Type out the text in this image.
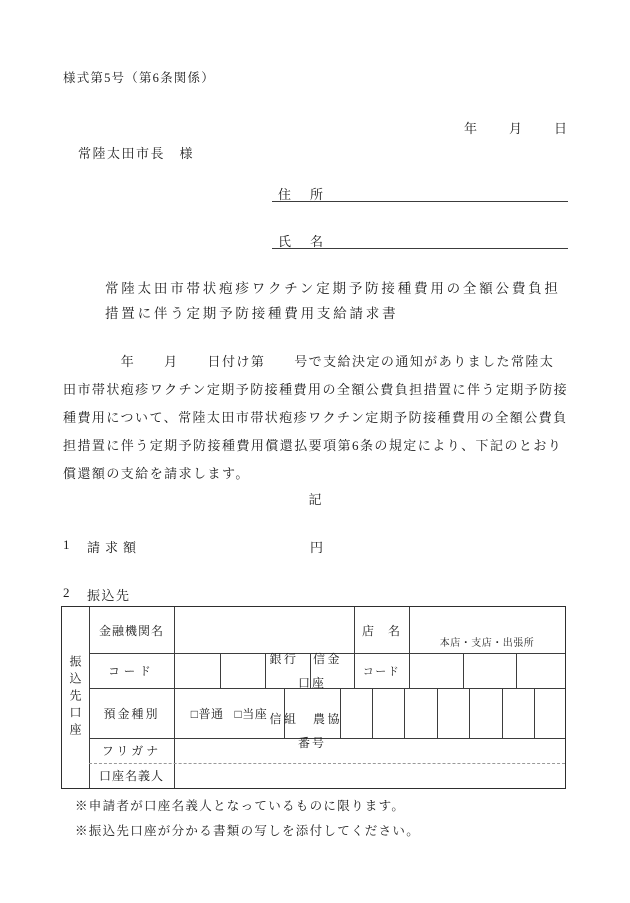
様式第5号（第6条関係）
年　　月　　日
常陸太田市長　様
住　所
氏　名
常陸太田市帯状疱疹ワクチン定期予防接種費用の全額公費負担
措置に伴う定期予防接種費用支給請求書
　　　　年　　月　　日付け第　　号で支給決定の通知がありました常陸太
田市帯状疱疹ワクチン定期予防接種費用の全額公費負担措置に伴う定期予防接
種費用について、常陸太田市帯状疱疹ワクチン定期予防接種費用の全額公費負
担措置に伴う定期予防接種費用償還払要項第6条の規定により、下記のとおり
償還額の支給を請求します。
記
1 請求額	円
2 振込先
振込先口座
金融機関名
コード
預金種別
フリガナ
口座名義人

銀行　信金

信組　農協

店　名
本店・支店・出張所
コード
□普通 □当座

口座

番号

※申請者が口座名義人となっているものに限ります。
※振込先口座が分かる書類の写しを添付してください。
